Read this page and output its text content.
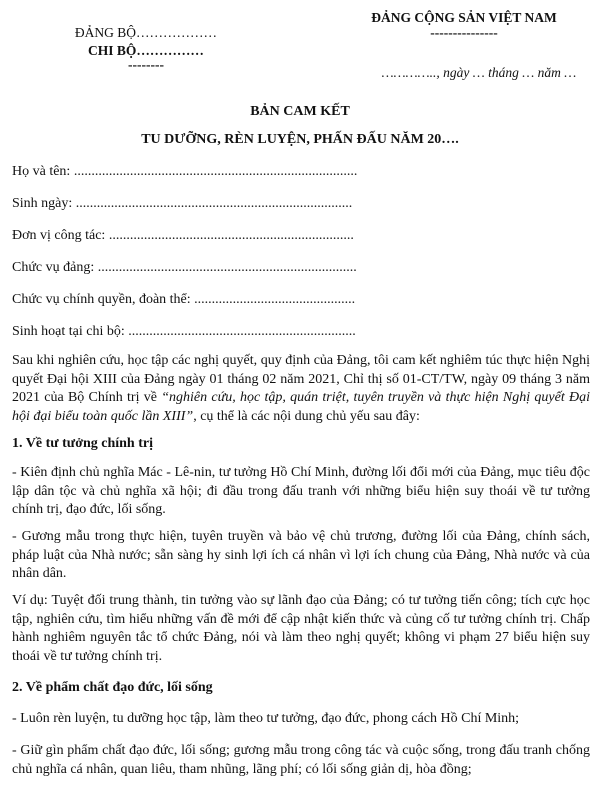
ĐẢNG BỘ………………
CHI BỘ……………
--------
ĐẢNG CỘNG SẢN VIỆT NAM
---------------
………….., ngày … tháng … năm …
BẢN CAM KẾT
TU DƯỠNG, RÈN LUYỆN, PHẤN ĐẤU NĂM 20….
Họ và tên: .................................................................................
Sinh ngày: ...............................................................................
Đơn vị công tác: ......................................................................
Chức vụ đảng: ..........................................................................
Chức vụ chính quyền, đoàn thể: ..............................................
Sinh hoạt tại chi bộ: .................................................................
Sau khi nghiên cứu, học tập các nghị quyết, quy định của Đảng, tôi cam kết nghiêm túc thực hiện Nghị quyết Đại hội XIII của Đảng ngày 01 tháng 02 năm 2021, Chỉ thị số 01-CT/TW, ngày 09 tháng 3 năm 2021 của Bộ Chính trị về “nghiên cứu, học tập, quán triệt, tuyên truyền và thực hiện Nghị quyết Đại hội đại biểu toàn quốc lần XIII”, cụ thể là các nội dung chủ yếu sau đây:
1. Về tư tưởng chính trị
- Kiên định chủ nghĩa Mác - Lê-nin, tư tưởng Hồ Chí Minh, đường lối đổi mới của Đảng, mục tiêu độc lập dân tộc và chủ nghĩa xã hội; đi đầu trong đấu tranh với những biểu hiện suy thoái về tư tưởng chính trị, đạo đức, lối sống.
- Gương mẫu trong thực hiện, tuyên truyền và bảo vệ chủ trương, đường lối của Đảng, chính sách, pháp luật của Nhà nước; sẵn sàng hy sinh lợi ích cá nhân vì lợi ích chung của Đảng, Nhà nước và của nhân dân.
Ví dụ: Tuyệt đối trung thành, tin tưởng vào sự lãnh đạo của Đảng; có tư tưởng tiến công; tích cực học tập, nghiên cứu, tìm hiểu những vấn đề mới để cập nhật kiến thức và củng cố tư tưởng chính trị. Chấp hành nghiêm nguyên tắc tổ chức Đảng, nói và làm theo nghị quyết; không vi phạm 27 biểu hiện suy thoái về tư tưởng chính trị.
2. Về phẩm chất đạo đức, lối sống
- Luôn rèn luyện, tu dưỡng học tập, làm theo tư tưởng, đạo đức, phong cách Hồ Chí Minh;
- Giữ gìn phẩm chất đạo đức, lối sống; gương mẫu trong công tác và cuộc sống, trong đấu tranh chống chủ nghĩa cá nhân, quan liêu, tham nhũng, lãng phí; có lối sống giản dị, hòa đồng;
